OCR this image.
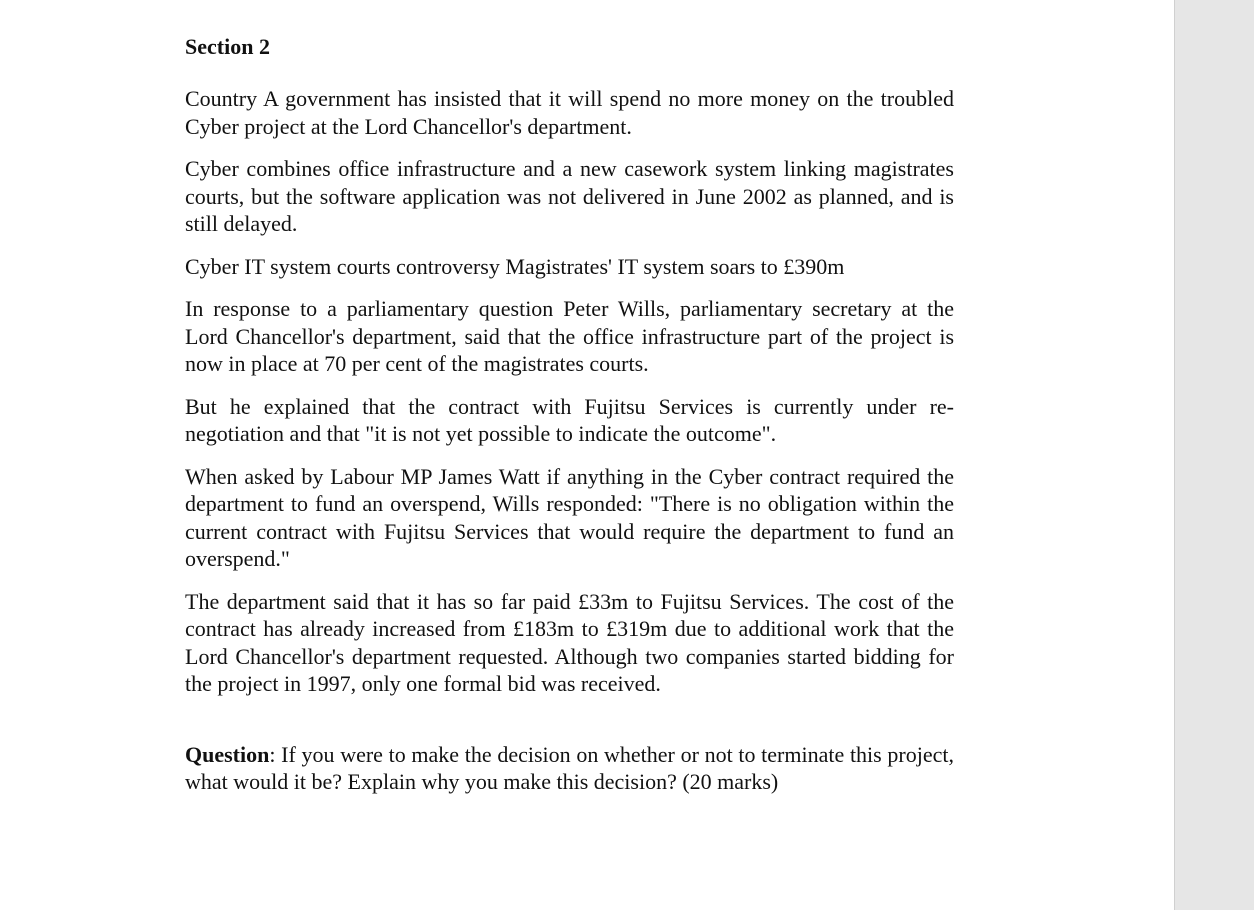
Section 2

Country A government has insisted that it will spend no more money on the troubled Cyber project at the Lord Chancellor's department.

Cyber combines office infrastructure and a new casework system linking magistrates courts, but the software application was not delivered in June 2002 as planned, and is still delayed.

Cyber IT system courts controversy Magistrates' IT system soars to £390m

In response to a parliamentary question Peter Wills, parliamentary secretary at the Lord Chancellor's department, said that the office infrastructure part of the project is now in place at 70 per cent of the magistrates courts.

But he explained that the contract with Fujitsu Services is currently under re-negotiation and that "it is not yet possible to indicate the outcome".

When asked by Labour MP James Watt if anything in the Cyber contract required the department to fund an overspend, Wills responded: "There is no obligation within the current contract with Fujitsu Services that would require the department to fund an overspend."

The department said that it has so far paid £33m to Fujitsu Services. The cost of the contract has already increased from £183m to £319m due to additional work that the Lord Chancellor's department requested. Although two companies started bidding for the project in 1997, only one formal bid was received.

Question: If you were to make the decision on whether or not to terminate this project, what would it be? Explain why you make this decision? (20 marks)
